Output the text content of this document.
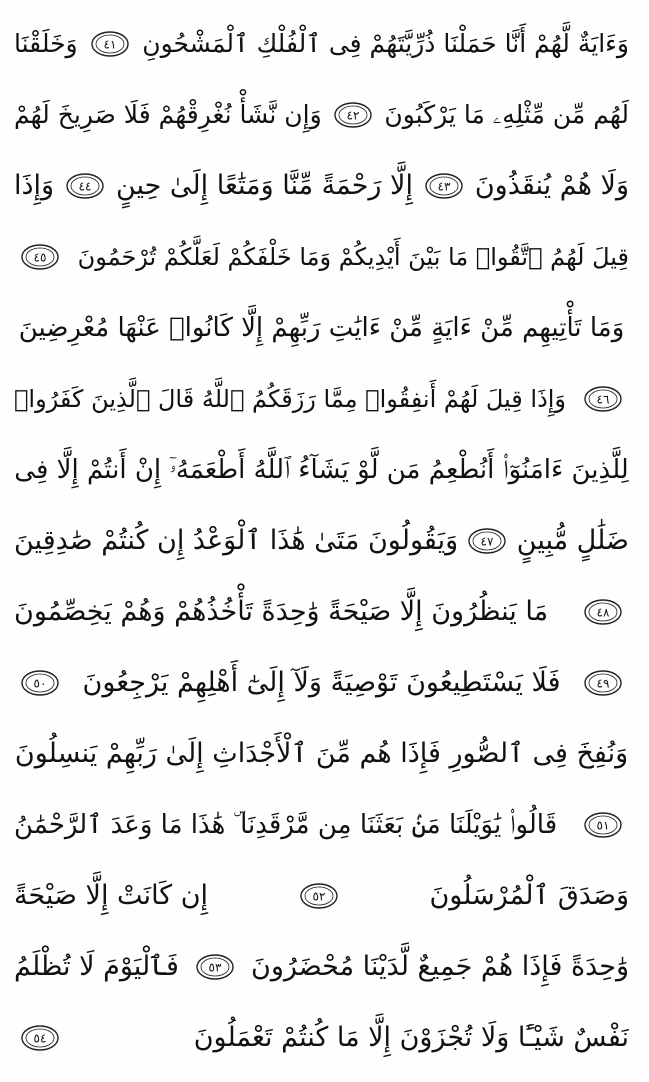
وَءَايَةٌ لَّهُمْ أَنَّا حَمَلْنَا ذُرِّيَّتَهُمْ فِى ٱلْفُلْكِ ٱلْمَشْحُونِ
٤١
وَخَلَقْنَا
لَهُم مِّن مِّثْلِهِۦ مَا يَرْكَبُونَ
٤٢
وَإِن نَّشَأْ نُغْرِقْهُمْ فَلَا صَرِيخَ لَهُمْ
وَلَا هُمْ يُنقَذُونَ
٤٣
إِلَّا رَحْمَةً مِّنَّا وَمَتَٰعًا إِلَىٰ حِينٍ
٤٤
وَإِذَا
قِيلَ لَهُمُ ٱتَّقُوا۟ مَا بَيْنَ أَيْدِيكُمْ وَمَا خَلْفَكُمْ لَعَلَّكُمْ تُرْحَمُونَ
٤٥
وَمَا تَأْتِيهِم مِّنْ ءَايَةٍ مِّنْ ءَايَٰتِ رَبِّهِمْ إِلَّا كَانُوا۟ عَنْهَا مُعْرِضِينَ
٤٦
وَإِذَا قِيلَ لَهُمْ أَنفِقُوا۟ مِمَّا رَزَقَكُمُ ٱللَّهُ قَالَ ٱلَّذِينَ كَفَرُوا۟
لِلَّذِينَ ءَامَنُوٓا۟ أَنُطْعِمُ مَن لَّوْ يَشَآءُ ٱللَّهُ أَطْعَمَهُۥٓ إِنْ أَنتُمْ إِلَّا فِى
ضَلَٰلٍ مُّبِينٍ
٤٧
وَيَقُولُونَ مَتَىٰ هَٰذَا ٱلْوَعْدُ إِن كُنتُمْ صَٰدِقِينَ
٤٨
مَا يَنظُرُونَ إِلَّا صَيْحَةً وَٰحِدَةً تَأْخُذُهُمْ وَهُمْ يَخِصِّمُونَ
٤٩
فَلَا يَسْتَطِيعُونَ تَوْصِيَةً وَلَآ إِلَىٰٓ أَهْلِهِمْ يَرْجِعُونَ
٥٠
وَنُفِخَ فِى ٱلصُّورِ فَإِذَا هُم مِّنَ ٱلْأَجْدَاثِ إِلَىٰ رَبِّهِمْ يَنسِلُونَ
٥١
قَالُوا۟ يَٰوَيْلَنَا مَنۢ بَعَثَنَا مِن مَّرْقَدِنَا ۜ هَٰذَا مَا وَعَدَ ٱلرَّحْمَٰنُ
وَصَدَقَ ٱلْمُرْسَلُونَ
٥٢
إِن كَانَتْ إِلَّا صَيْحَةً
وَٰحِدَةً فَإِذَا هُمْ جَمِيعٌ لَّدَيْنَا مُحْضَرُونَ
٥٣
فَٱلْيَوْمَ لَا تُظْلَمُ
نَفْسٌ شَيْـًٔا وَلَا تُجْزَوْنَ إِلَّا مَا كُنتُمْ تَعْمَلُونَ
٥٤
